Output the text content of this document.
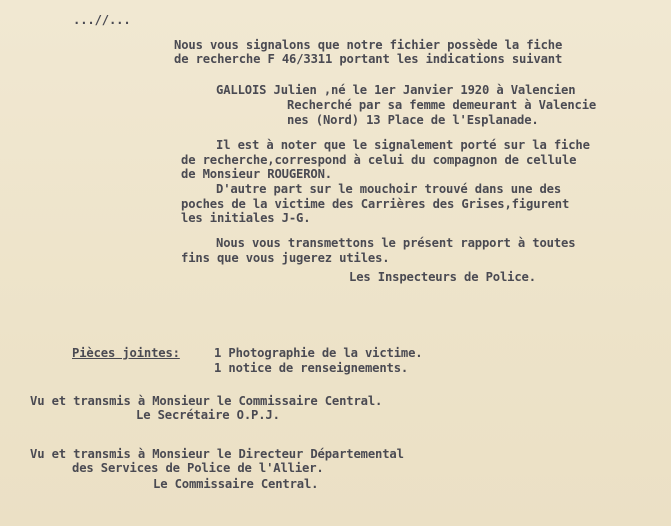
...//...
Nous vous signalons que notre fichier possède la fiche
de recherche F 46/3311 portant les indications suivant
GALLOIS Julien ,né le 1er Janvier 1920 à Valencien
Recherché par sa femme demeurant à Valencie
nes (Nord) 13 Place de l'Esplanade.
Il est à noter que le signalement porté sur la fiche
de recherche,correspond à celui du compagnon de cellule
de Monsieur ROUGERON.
D'autre part sur le mouchoir trouvé dans une des
poches de la victime des Carrières des Grises,figurent
les initiales J-G.
Nous vous transmettons le présent rapport à toutes
fins que vous jugerez utiles.
Les Inspecteurs de Police.
Pièces jointes:	1 Photographie de la victime.
1 notice de renseignements.
Vu et transmis à Monsieur le Commissaire Central.
Le Secrétaire O.P.J.
Vu et transmis à Monsieur le Directeur Départemental
des Services de Police de l'Allier.
Le Commissaire Central.
